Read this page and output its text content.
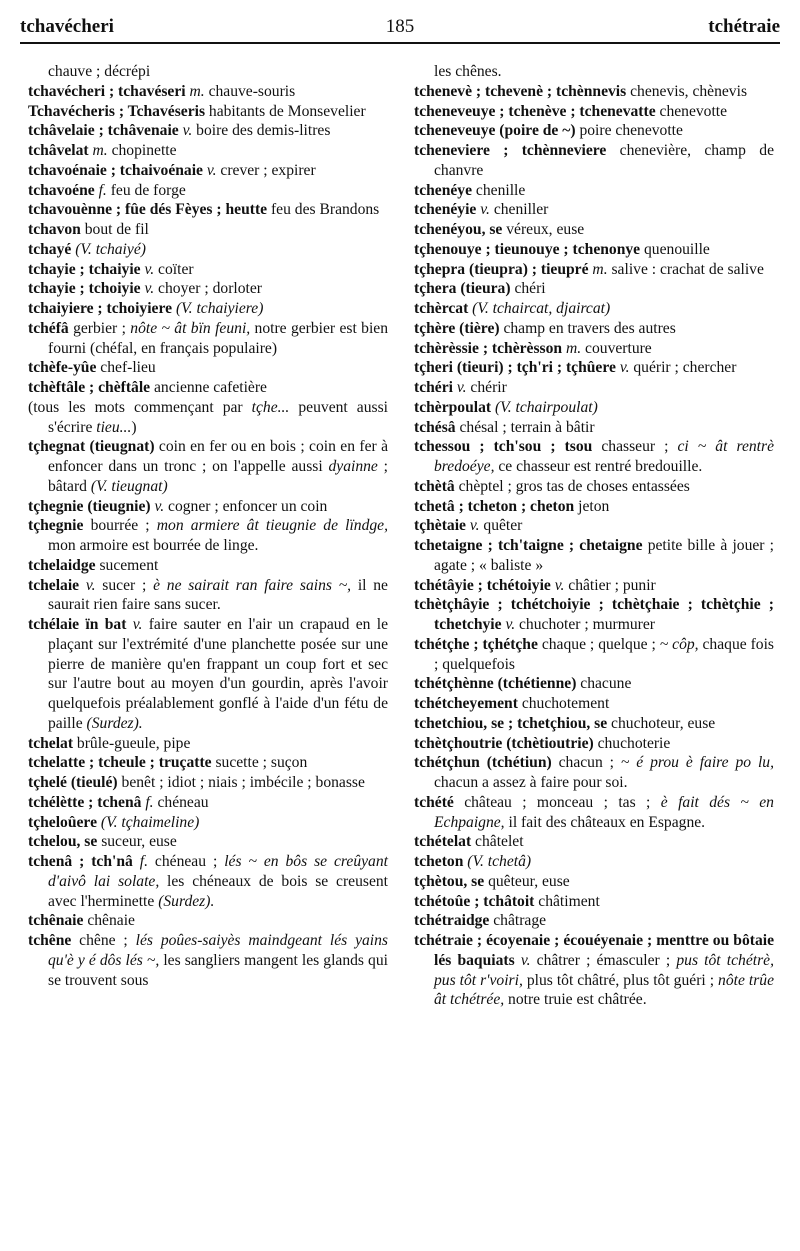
tchavécheri	185	tchétraie

chauve ; décrépi

tchavécheri ; tchavéseri m. chauve-souris

Tchavécheris ; Tchavéseris habitants de Monsevelier

tchâvelaie ; tchâvenaie v. boire des demis-litres

tchâvelat m. chopinette

tchavoénaie ; tchaivoénaie v. crever ; expirer

tchavoéne f. feu de forge

tchavouènne ; fûe dés Fèyes ; heutte feu des Brandons

tchavon bout de fil

tchayé (V. tchaiyé)

tchayie ; tchaiyie v. coïter

tchayie ; tchoiyie v. choyer ; dorloter

tchaiyiere ; tchoiyiere (V. tchaiyiere)

tchéfâ gerbier ; nôte ~ ât bïn feuni, notre gerbier est bien fourni (chéfal, en français populaire)

tchèfe-yûe chef-lieu

tchèftâle ; chèftâle ancienne cafetière

(tous les mots commençant par tçhe... peuvent aussi s'écrire tieu...)

tçhegnat (tieugnat) coin en fer ou en bois ; coin en fer à enfoncer dans un tronc ; on l'appelle aussi dyainne ; bâtard (V. tieugnat)

tçhegnie (tieugnie) v. cogner ; enfoncer un coin

tçhegnie bourrée ; mon armiere ât tieugnie de lïndge, mon armoire est bourrée de linge.

tchelaidge sucement

tchelaie v. sucer ; è ne sairait ran faire sains ~, il ne saurait rien faire sans sucer.

tchélaie ïn bat v. faire sauter en l'air un crapaud en le plaçant sur l'extrémité d'une planchette posée sur une pierre de manière qu'en frappant un coup fort et sec sur l'autre bout au moyen d'un gourdin, après l'avoir quelquefois préalablement gonflé à l'aide d'un fétu de paille (Surdez).

tchelat brûle-gueule, pipe

tchelatte ; tcheule ; truçatte sucette ; suçon

tçhelé (tieulé) benêt ; idiot ; niais ; imbécile ; bonasse

tchélètte ; tchenâ f. chéneau

tçheloûere (V. tçhaimeline)

tchelou, se suceur, euse

tchenâ ; tch'nâ f. chéneau ; lés ~ en bôs se creûyant d'aivô lai solate, les chéneaux de bois se creusent avec l'herminette (Surdez).

tchênaie chênaie

tchêne chêne ; lés poûes-saiyès maindgeant lés yains qu'è y é dôs lés ~, les sangliers mangent les glands qui se trouvent sous

les chênes.

tchenevè ; tchevenè ; tchènnevis chenevis, chènevis

tcheneveuye ; tchenève ; tchenevatte chenevotte

tcheneveuye (poire de ~) poire chenevotte

tcheneviere ; tchènneviere chenevière, champ de chanvre

tchenéye chenille

tchenéyie v. cheniller

tchenéyou, se véreux, euse

tçhenouye ; tieunouye ; tchenonye quenouille

tçhepra (tieupra) ; tieupré m. salive : crachat de salive

tçhera (tieura) chéri

tchèrcat (V. tchaircat, djaircat)

tçhère (tière) champ en travers des autres

tchèrèssie ; tchèrèsson m. couverture

tçheri (tieuri) ; tçh'ri ; tçhûere v. quérir ; chercher

tchéri v. chérir

tchèrpoulat (V. tchairpoulat)

tchésâ chésal ; terrain à bâtir

tchessou ; tch'sou ; tsou chasseur ; ci ~ ât rentrè bredoéye, ce chasseur est rentré bredouille.

tchètâ chèptel ; gros tas de choses entassées

tchetâ ; tcheton ; cheton jeton

tçhètaie v. quêter

tchetaigne ; tch'taigne ; chetaigne petite bille à jouer ; agate ; « baliste »

tchétâyie ; tchétoiyie v. châtier ; punir

tchètçhâyie ; tchétchoiyie ; tchètçhaie ; tchètçhie ; tchetchyie v. chuchoter ; murmurer

tchétçhe ; tçhétçhe chaque ; quelque ; ~ côp, chaque fois ; quelquefois

tchétçhènne (tchétienne) chacune

tchétcheyement chuchotement

tchetchiou, se ; tchetçhiou, se chuchoteur, euse

tchètçhoutrie (tchètioutrie) chuchoterie

tchétçhun (tchétiun) chacun ; ~ é prou è faire po lu, chacun a assez à faire pour soi.

tchété château ; monceau ; tas ; è fait dés ~ en Echpaigne, il fait des châteaux en Espagne.

tchételat châtelet

tcheton (V. tchetâ)

tçhètou, se quêteur, euse

tchétoûe ; tchâtoit châtiment

tchétraidge châtrage

tchétraie ; écoyenaie ; écouéyenaie ; menttre ou bôtaie lés baquiats v. châtrer ; émasculer ; pus tôt tchétrè, pus tôt r'voiri, plus tôt châtré, plus tôt guéri ; nôte trûe ât tchétrée, notre truie est châtrée.
